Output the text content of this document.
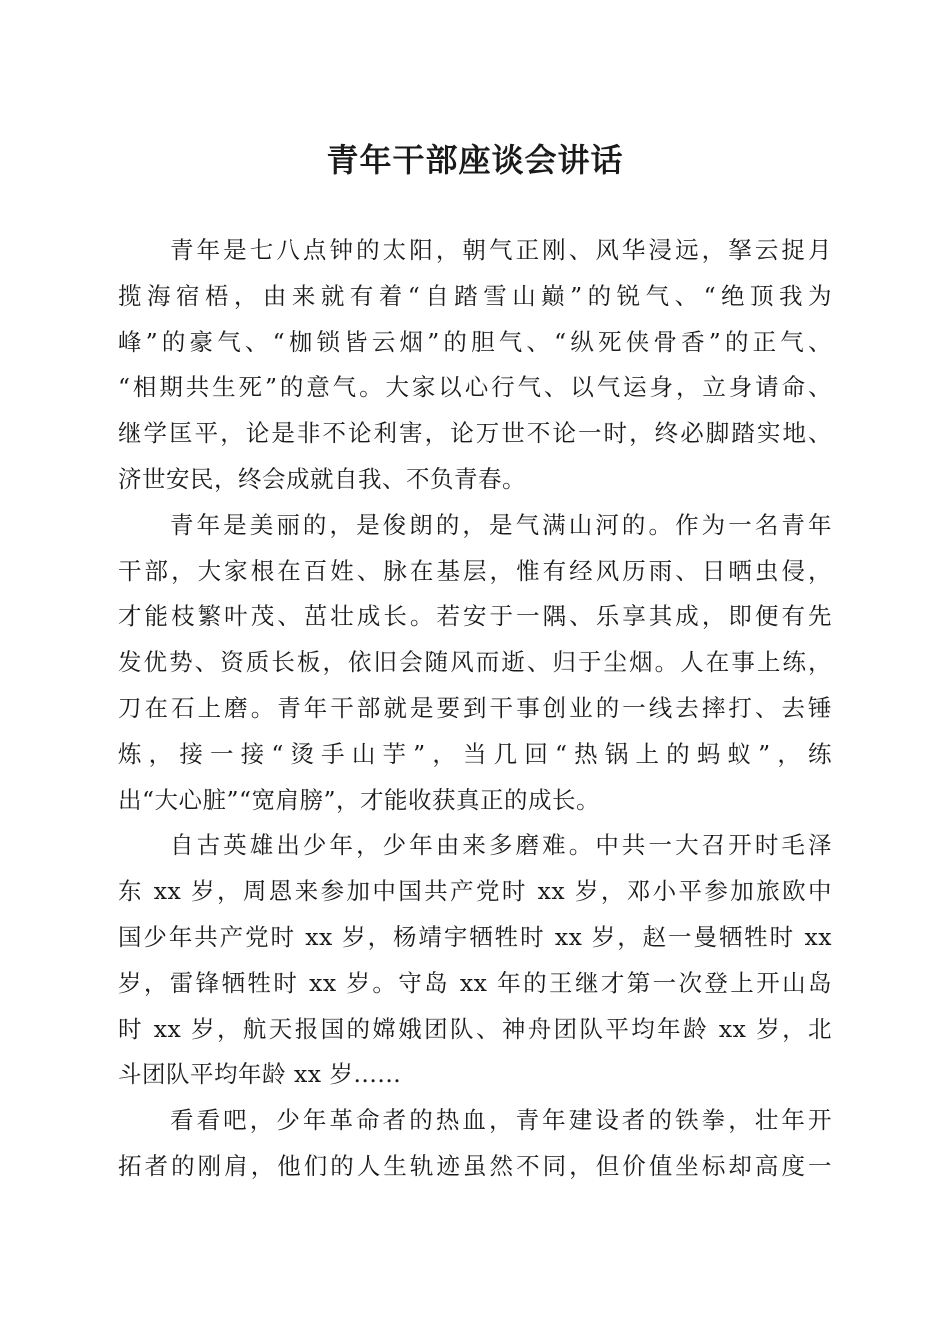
青年干部座谈会讲话
青年是七八点钟的太阳，朝气正刚、风华浸远，拏云捉月
揽海宿梧，由来就有着“自踏雪山巅”的锐气、“绝顶我为
峰”的豪气、“枷锁皆云烟”的胆气、“纵死侠骨香”的正气、
“相期共生死”的意气。大家以心行气、以气运身，立身请命、
继学匡平，论是非不论利害，论万世不论一时，终必脚踏实地、
济世安民，终会成就自我、不负青春。
青年是美丽的，是俊朗的，是气满山河的。作为一名青年
干部，大家根在百姓、脉在基层，惟有经风历雨、日晒虫侵，
才能枝繁叶茂、茁壮成长。若安于一隅、乐享其成，即便有先
发优势、资质长板，依旧会随风而逝、归于尘烟。人在事上练，
刀在石上磨。青年干部就是要到干事创业的一线去摔打、去锤
炼，接一接“烫手山芋”，当几回“热锅上的蚂蚁”，练
出“大心脏”“宽肩膀”，才能收获真正的成长。
自古英雄出少年，少年由来多磨难。中共一大召开时毛泽
东 xx 岁，周恩来参加中国共产党时 xx 岁，邓小平参加旅欧中
国少年共产党时 xx 岁，杨靖宇牺牲时 xx 岁，赵一曼牺牲时 xx
岁，雷锋牺牲时 xx 岁。守岛 xx 年的王继才第一次登上开山岛
时 xx 岁，航天报国的嫦娥团队、神舟团队平均年龄 xx 岁，北
斗团队平均年龄 xx 岁......
看看吧，少年革命者的热血，青年建设者的铁拳，壮年开
拓者的刚肩，他们的人生轨迹虽然不同，但价值坐标却高度一
